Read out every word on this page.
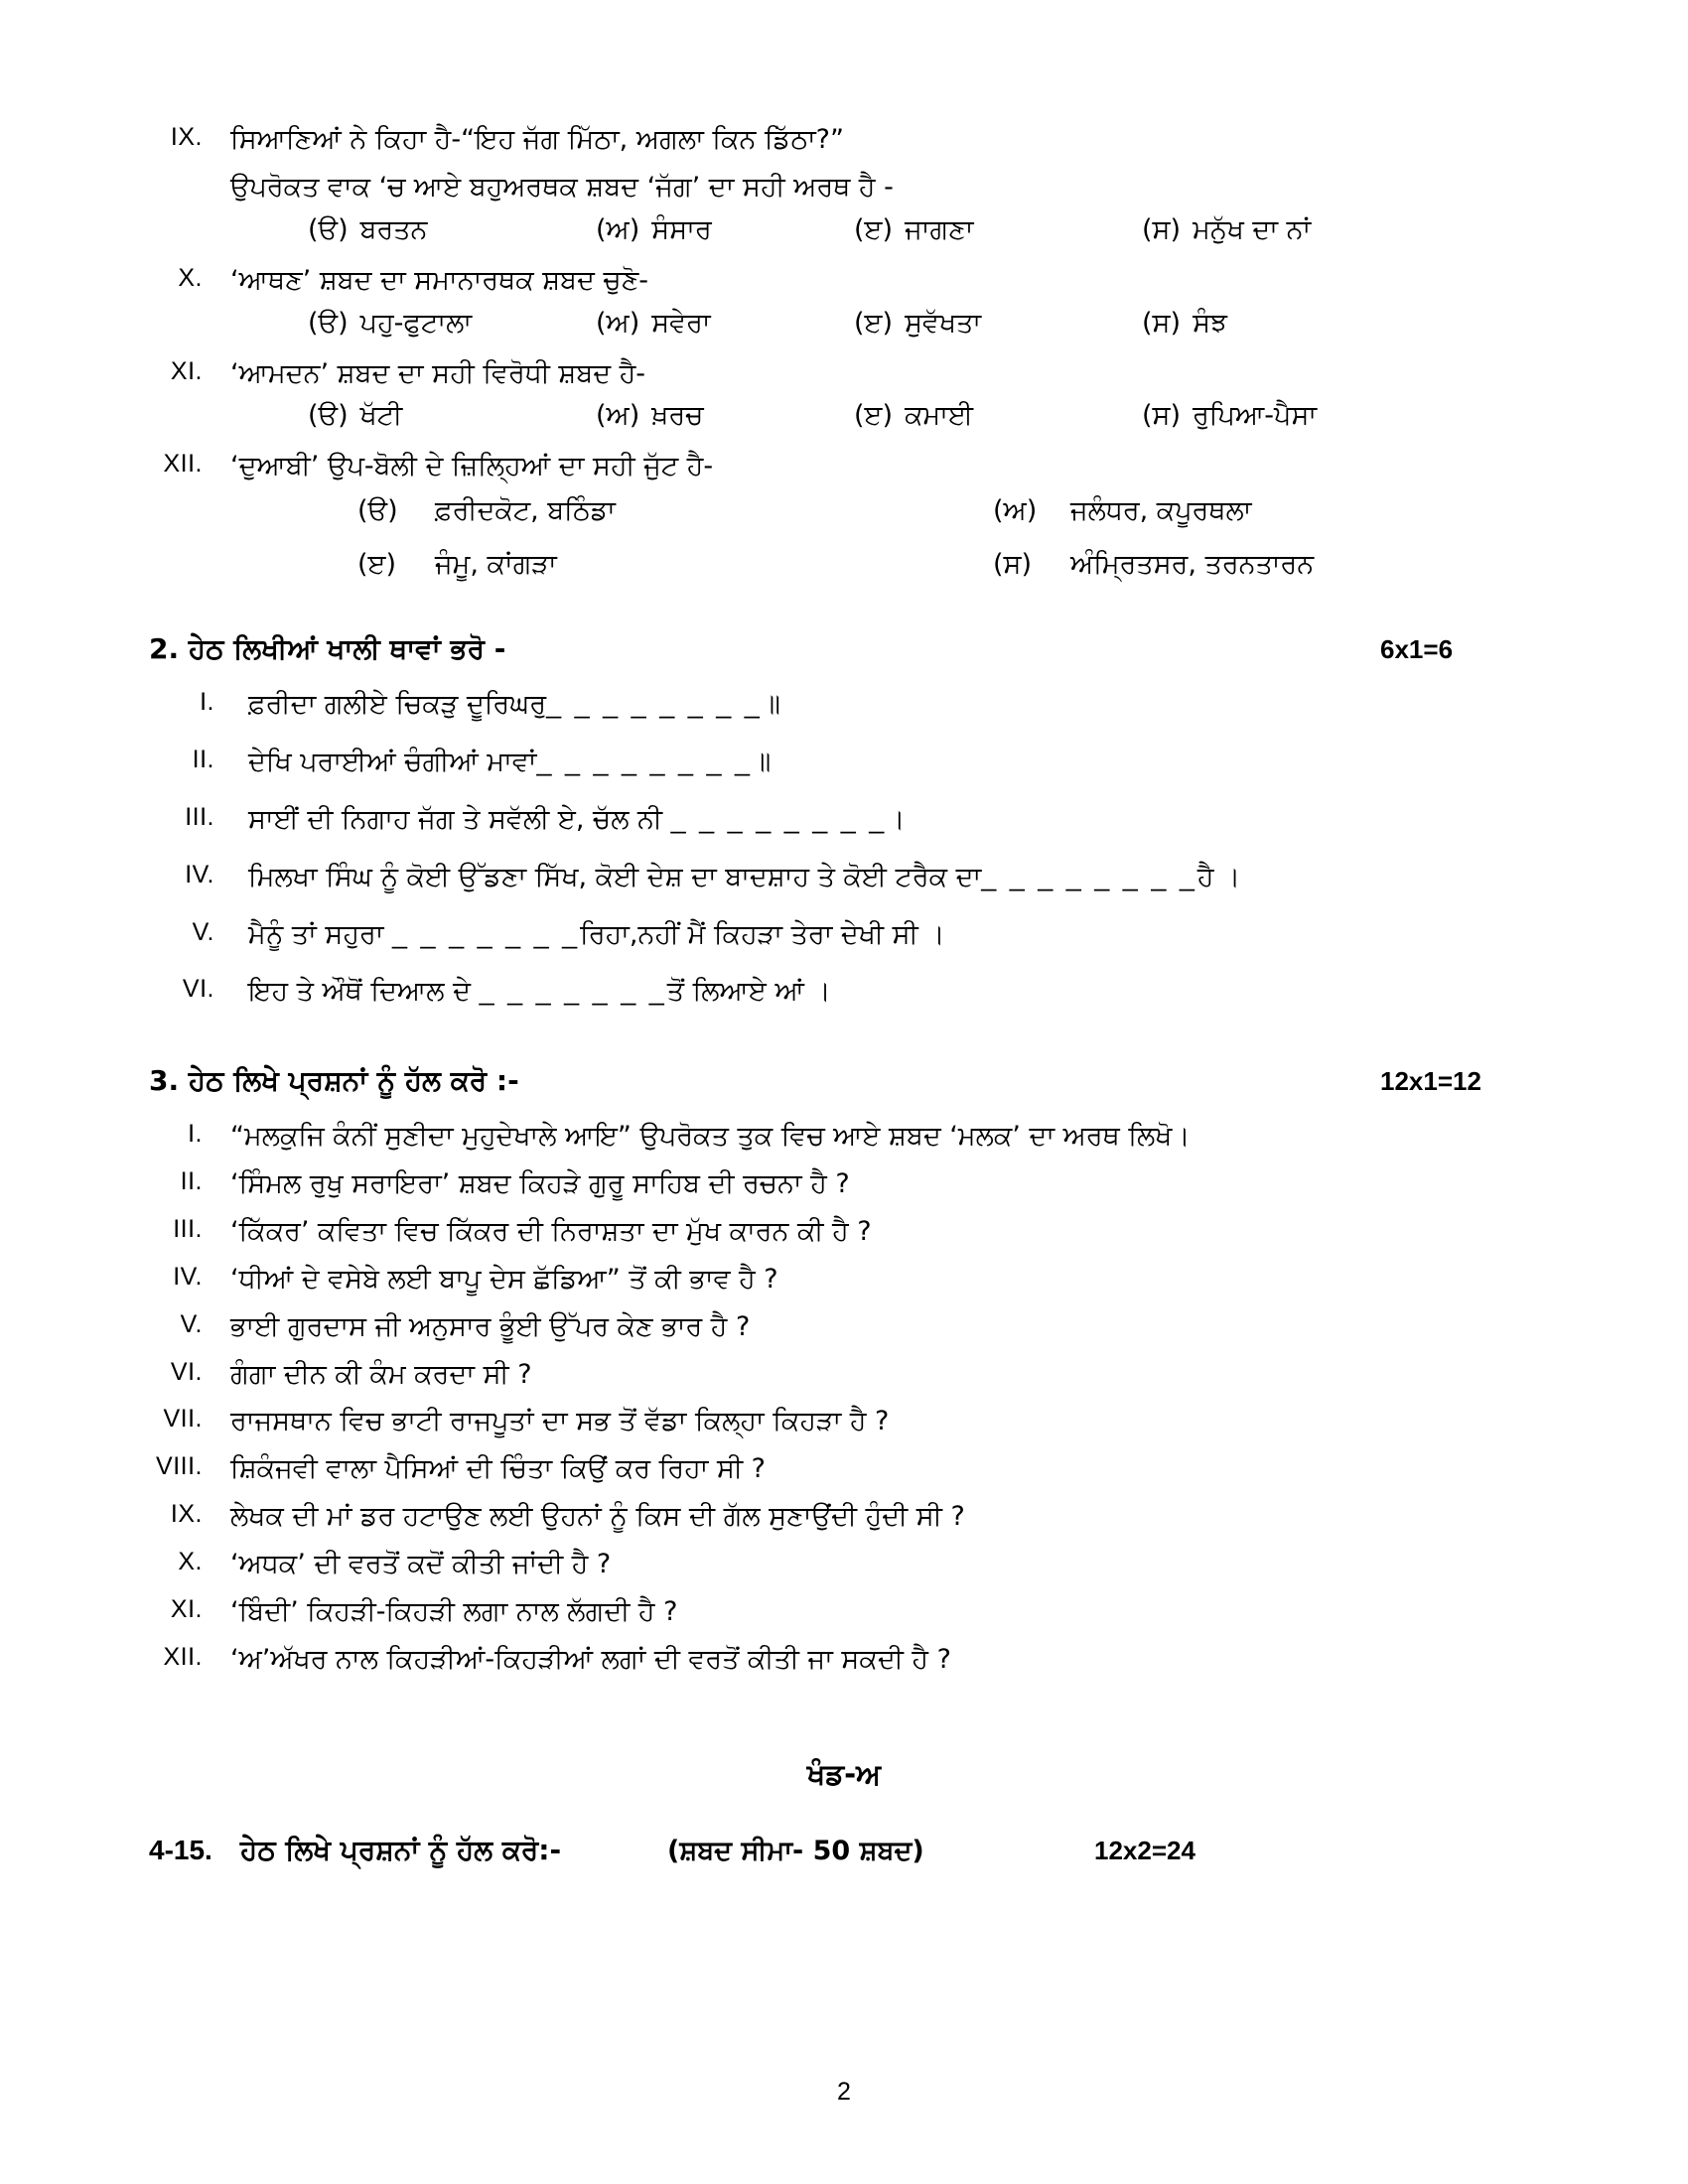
IX.	ਸਿਆਣਿਆਂ ਨੇ ਕਿਹਾ ਹੈ-“ਇਹ ਜੱਗ ਮਿੱਠਾ, ਅਗਲਾ ਕਿਨ ਡਿੱਠਾ?”
ਉਪਰੋਕਤ ਵਾਕ ‘ਚ ਆਏ ਬਹੁਅਰਥਕ ਸ਼ਬਦ ‘ਜੱਗ’ ਦਾ ਸਹੀ ਅਰਥ ਹੈ -
(ੳ) ਬਰਤਨ	(ਅ) ਸੰਸਾਰ	(ੲ) ਜਾਗਣਾ	(ਸ) ਮਨੁੱਖ ਦਾ ਨਾਂ
X.	‘ਆਥਣ’ ਸ਼ਬਦ ਦਾ ਸਮਾਨਾਰਥਕ ਸ਼ਬਦ ਚੁਣੋ-
(ੳ) ਪਹੁ-ਫੁਟਾਲਾ	(ਅ) ਸਵੇਰਾ	(ੲ) ਸੁਵੱਖਤਾ	(ਸ) ਸੰਝ
XI.	‘ਆਮਦਨ’ ਸ਼ਬਦ ਦਾ ਸਹੀ ਵਿਰੋਧੀ ਸ਼ਬਦ ਹੈ-
(ੳ) ਖੱਟੀ	(ਅ) ਖ਼ਰਚ	(ੲ) ਕਮਾਈ	(ਸ) ਰੁਪਿਆ-ਪੈਸਾ
XII.	‘ਦੁਆਬੀ’ ਉਪ-ਬੋਲੀ ਦੇ ਜ਼ਿਲ੍ਹਿਆਂ ਦਾ ਸਹੀ ਜੁੱਟ ਹੈ-
(ੳ)	ਫ਼ਰੀਦਕੋਟ, ਬਠਿੰਡਾ	(ਅ)	ਜਲੰਧਰ, ਕਪੂਰਥਲਾ
(ੲ)	ਜੰਮੂ, ਕਾਂਗੜਾ	(ਸ)	ਅੰਮ੍ਰਿਤਸਰ, ਤਰਨਤਾਰਨ
2. ਹੇਠ ਲਿਖੀਆਂ ਖਾਲੀ ਥਾਵਾਂ ਭਰੋ -	6x1=6
I.	ਫ਼ਰੀਦਾ ਗਲੀਏ ਚਿਕੜੁ ਦੂਰਿਘਰੁ_ _ _ _ _ _ _ _॥
II.	ਦੇਖਿ ਪਰਾਈਆਂ ਚੰਗੀਆਂ ਮਾਵਾਂ_ _ _ _ _ _ _ _॥
III.	ਸਾਈਂ ਦੀ ਨਿਗਾਹ ਜੱਗ ਤੇ ਸਵੱਲੀ ਏ, ਚੱਲ ਨੀ _ _ _ _ _ _ _ _।
IV.	ਮਿਲਖਾ ਸਿੰਘ ਨੂੰ ਕੋਈ ਉੱਡਣਾ ਸਿੱਖ, ਕੋਈ ਦੇਸ਼ ਦਾ ਬਾਦਸ਼ਾਹ ਤੇ ਕੋਈ ਟਰੈਕ ਦਾ_ _ _ _ _ _ _ _ਹੈ ।
V.	ਮੈਨੂੰ ਤਾਂ ਸਹੁਰਾ _ _ _ _ _ _ _ਰਿਹਾ,ਨਹੀਂ ਮੈਂ ਕਿਹੜਾ ਤੇਰਾ ਦੇਖੀ ਸੀ ।
VI.	ਇਹ ਤੇ ਔਥੋਂ ਦਿਆਲ ਦੇ _ _ _ _ _ _ _ਤੋਂ ਲਿਆਏ ਆਂ ।
3. ਹੇਠ ਲਿਖੇ ਪ੍ਰਸ਼ਨਾਂ ਨੂੰ ਹੱਲ ਕਰੋ :-	12x1=12
I.	“ਮਲਕੁਜਿ ਕੰਨੀਂ ਸੁਣੀਦਾ ਮੁਹੁਦੇਖਾਲੇ ਆਇ” ਉਪਰੋਕਤ ਤੁਕ ਵਿਚ ਆਏ ਸ਼ਬਦ ‘ਮਲਕ’ ਦਾ ਅਰਥ ਲਿਖੋ।
II.	‘ਸਿੰਮਲ ਰੁਖੁ ਸਰਾਇਰਾ’ ਸ਼ਬਦ ਕਿਹੜੇ ਗੁਰੂ ਸਾਹਿਬ ਦੀ ਰਚਨਾ ਹੈ ?
III.	‘ਕਿੱਕਰ’ ਕਵਿਤਾ ਵਿਚ ਕਿੱਕਰ ਦੀ ਨਿਰਾਸ਼ਤਾ ਦਾ ਮੁੱਖ ਕਾਰਨ ਕੀ ਹੈ ?
IV.	‘ਧੀਆਂ ਦੇ ਵਸੇਬੇ ਲਈ ਬਾਪੂ ਦੇਸ ਛੱਡਿਆ” ਤੋਂ ਕੀ ਭਾਵ ਹੈ ?
V.	ਭਾਈ ਗੁਰਦਾਸ ਜੀ ਅਨੁਸਾਰ ਭੂੰਈ ਉੱਪਰ ਕੇਣ ਭਾਰ ਹੈ ?
VI.	ਗੰਗਾ ਦੀਨ ਕੀ ਕੰਮ ਕਰਦਾ ਸੀ ?
VII.	ਰਾਜਸਥਾਨ ਵਿਚ ਭਾਟੀ ਰਾਜਪੂਤਾਂ ਦਾ ਸਭ ਤੋਂ ਵੱਡਾ ਕਿਲ੍ਹਾ ਕਿਹੜਾ ਹੈ ?
VIII.	ਸ਼ਿਕੰਜਵੀ ਵਾਲਾ ਪੈਸਿਆਂ ਦੀ ਚਿੰਤਾ ਕਿਉਂ ਕਰ ਰਿਹਾ ਸੀ ?
IX.	ਲੇਖਕ ਦੀ ਮਾਂ ਡਰ ਹਟਾਉਣ ਲਈ ਉਹਨਾਂ ਨੂੰ ਕਿਸ ਦੀ ਗੱਲ ਸੁਣਾਉਂਦੀ ਹੁੰਦੀ ਸੀ ?
X.	‘ਅਧਕ’ ਦੀ ਵਰਤੋਂ ਕਦੋਂ ਕੀਤੀ ਜਾਂਦੀ ਹੈ ?
XI.	‘ਬਿੰਦੀ’ ਕਿਹੜੀ-ਕਿਹੜੀ ਲਗਾ ਨਾਲ ਲੱਗਦੀ ਹੈ ?
XII.	‘ਅ’ਅੱਖਰ ਨਾਲ ਕਿਹੜੀਆਂ-ਕਿਹੜੀਆਂ ਲਗਾਂ ਦੀ ਵਰਤੋਂ ਕੀਤੀ ਜਾ ਸਕਦੀ ਹੈ ?
ਖੰਡ-ਅ
4-15.	ਹੇਠ ਲਿਖੇ ਪ੍ਰਸ਼ਨਾਂ ਨੂੰ ਹੱਲ ਕਰੋ:-	(ਸ਼ਬਦ ਸੀਮਾ- 50 ਸ਼ਬਦ)	12x2=24
2
